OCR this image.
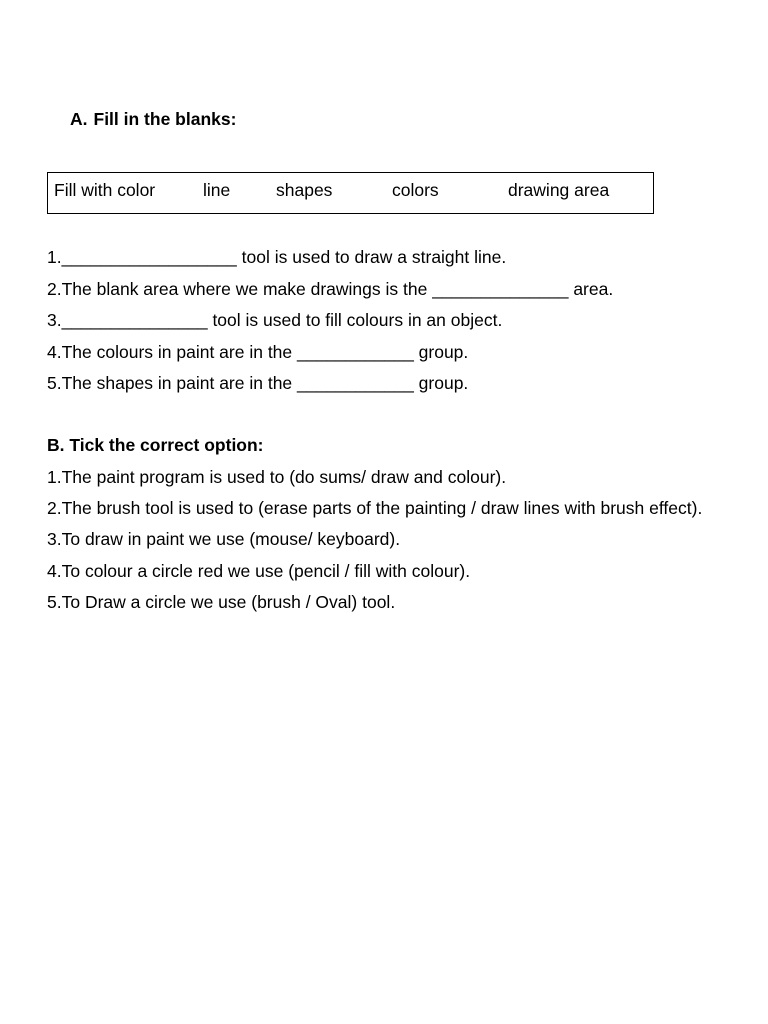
A. Fill in the blanks:
Fill with color	line	shapes	colors	drawing area
1.__________________ tool is used to draw a straight line.
2.The blank area where we make drawings is the ______________ area.
3._______________ tool is used to fill colours in an object.
4.The colours in paint are in the ____________ group.
5.The shapes in paint are in the ____________ group.
B. Tick the correct option:
1.The paint program is used to (do sums/ draw and colour).
2.The brush tool is used to (erase parts of the painting / draw lines with brush effect).
3.To draw in paint we use (mouse/ keyboard).
4.To colour a circle red we use (pencil / fill with colour).
5.To Draw a circle we use (brush / Oval) tool.
